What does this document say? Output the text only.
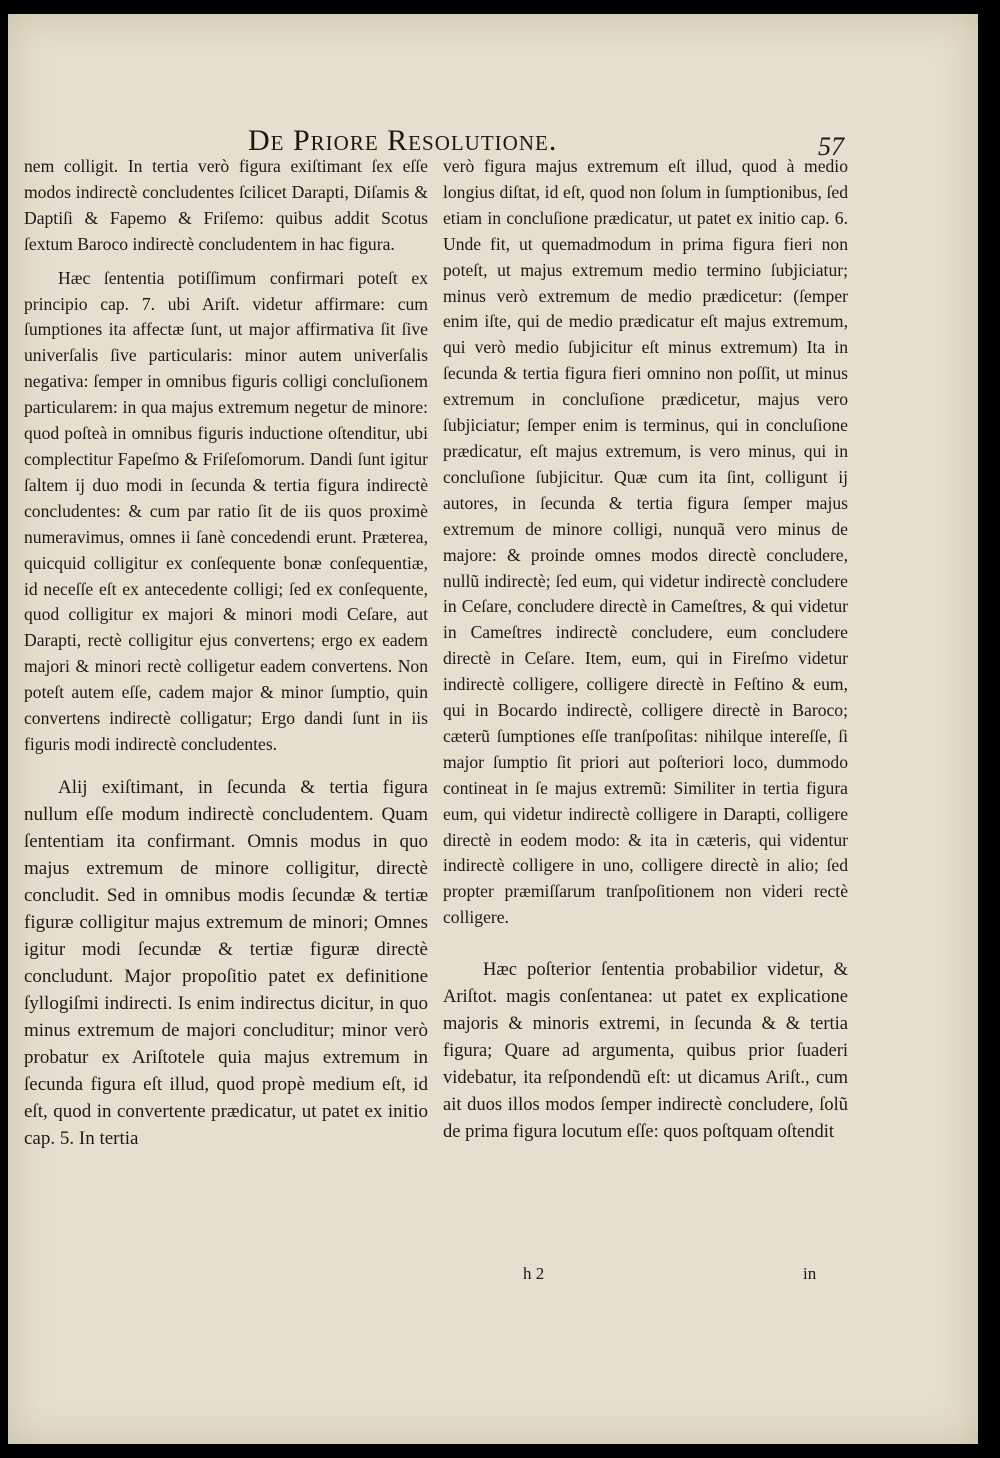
De Priore Resolutione.	57

nem colligit. In tertia verò figura exiſtimant ſex eſſe modos indirectè concludentes ſcilicet Darapti, Diſamis & Daptiſi & Fapemo & Friſemo: quibus addit Scotus ſextum Baroco indirectè concludentem in hac figura.

Hæc ſententia potiſſimum confirmari poteſt ex principio cap. 7. ubi Ariſt. videtur affirmare: cum ſumptiones ita affectæ ſunt, ut major affirmativa ſit ſive univerſalis ſive particularis: minor autem univerſalis negativa: ſemper in omnibus figuris colligi concluſionem particularem: in qua majus extremum negetur de minore: quod poſteà in omnibus figuris inductione oſtenditur, ubi complectitur Fapeſmo & Friſeſomorum. Dandi ſunt igitur ſaltem ij duo modi in ſecunda & tertia figura indirectè concludentes: & cum par ratio ſit de iis quos proximè numeravimus, omnes ii ſanè concedendi erunt. Præterea, quicquid colligitur ex conſequente bonæ conſequentiæ, id neceſſe eſt ex antecedente colligi; ſed ex conſequente, quod colligitur ex majori & minori modi Ceſare, aut Darapti, rectè colligitur ejus convertens; ergo ex eadem majori & minori rectè colligetur eadem convertens. Non poteſt autem eſſe, cadem major & minor ſumptio, quin convertens indirectè colligatur; Ergo dandi ſunt in iis figuris modi indirectè concludentes.

Alij exiſtimant, in ſecunda & tertia figura nullum eſſe modum indirectè concludentem. Quam ſententiam ita confirmant. Omnis modus in quo majus extremum de minore colligitur, directè concludit. Sed in omnibus modis ſecundæ & tertiæ figuræ colligitur majus extremum de minori; Omnes igitur modi ſecundæ & tertiæ figuræ directè concludunt. Major propoſitio patet ex definitione ſyllogiſmi indirecti. Is enim indirectus dicitur, in quo minus extremum de majori concluditur; minor verò probatur ex Ariſtotele quia majus extremum in ſecunda figura eſt illud, quod propè medium eſt, id eſt, quod in convertente prædicatur, ut patet ex initio cap. 5. In tertia

verò figura majus extremum eſt illud, quod à medio longius diſtat, id eſt, quod non ſolum in ſumptionibus, ſed etiam in concluſione prædicatur, ut patet ex initio cap. 6. Unde fit, ut quemadmodum in prima figura fieri non poteſt, ut majus extremum medio termino ſubjiciatur; minus verò extremum de medio prædicetur: (ſemper enim iſte, qui de medio prædicatur eſt majus extremum, qui verò medio ſubjicitur eſt minus extremum) Ita in ſecunda & tertia figura fieri omnino non poſſit, ut minus extremum in concluſione prædicetur, majus vero ſubjiciatur; ſemper enim is terminus, qui in concluſione prædicatur, eſt majus extremum, is vero minus, qui in concluſione ſubjicitur. Quæ cum ita ſint, colligunt ij autores, in ſecunda & tertia figura ſemper majus extremum de minore colligi, nunquã vero minus de majore: & proinde omnes modos directè concludere, nullũ indirectè; ſed eum, qui videtur indirectè concludere in Ceſare, concludere directè in Cameſtres, & qui videtur in Cameſtres indirectè concludere, eum concludere directè in Ceſare. Item, eum, qui in Fireſmo videtur indirectè colligere, colligere directè in Feſtino & eum, qui in Bocardo indirectè, colligere directè in Baroco; cæterũ ſumptiones eſſe tranſpoſitas: nihilque intereſſe, ſi major ſumptio ſit priori aut poſteriori loco, dummodo contineat in ſe majus extremũ: Similiter in tertia figura eum, qui videtur indirectè colligere in Darapti, colligere directè in eodem modo: & ita in cæteris, qui videntur indirectè colligere in uno, colligere directè in alio; ſed propter præmiſſarum tranſpoſitionem non videri rectè colligere.

Hæc poſterior ſententia probabilior videtur, & Ariſtot. magis conſentanea: ut patet ex explicatione majoris & minoris extremi, in ſecunda & & tertia figura; Quare ad argumenta, quibus prior ſuaderi videbatur, ita reſpondendũ eſt: ut dicamus Ariſt., cum ait duos illos modos ſemper indirectè concludere, ſolũ de prima figura locutum eſſe: quos poſtquam oſtendit

h 2	in
